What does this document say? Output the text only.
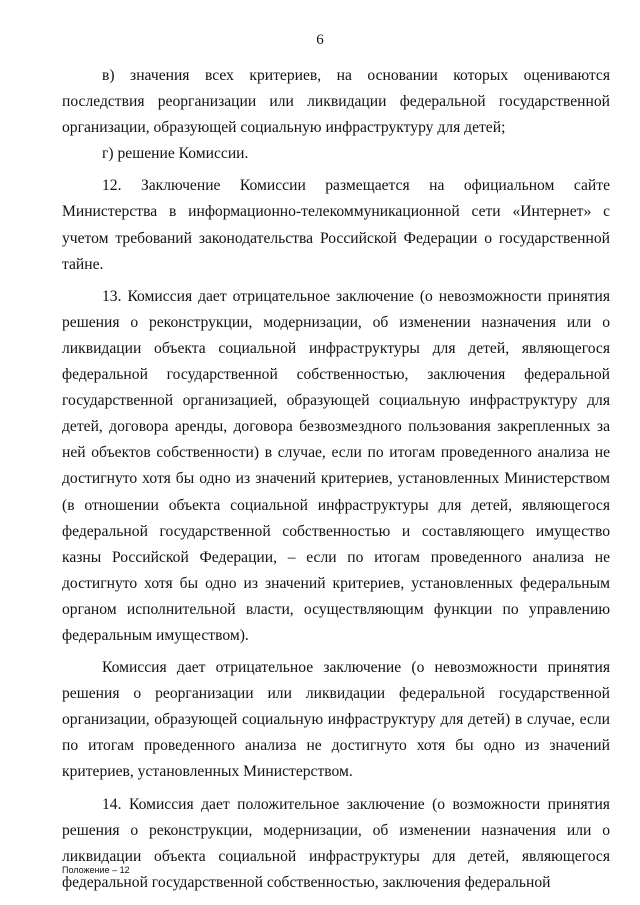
6

в) значения всех критериев, на основании которых оцениваются последствия реорганизации или ликвидации федеральной государственной организации, образующей социальную инфраструктуру для детей;

г) решение Комиссии.

12. Заключение Комиссии размещается на официальном сайте Министерства в информационно-телекоммуникационной сети «Интернет» с учетом требований законодательства Российской Федерации о государственной тайне.

13. Комиссия дает отрицательное заключение (о невозможности принятия решения о реконструкции, модернизации, об изменении назначения или о ликвидации объекта социальной инфраструктуры для детей, являющегося федеральной государственной собственностью, заключения федеральной государственной организацией, образующей социальную инфраструктуру для детей, договора аренды, договора безвозмездного пользования закрепленных за ней объектов собственности) в случае, если по итогам проведенного анализа не достигнуто хотя бы одно из значений критериев, установленных Министерством (в отношении объекта социальной инфраструктуры для детей, являющегося федеральной государственной собственностью и составляющего имущество казны Российской Федерации, – если по итогам проведенного анализа не достигнуто хотя бы одно из значений критериев, установленных федеральным органом исполнительной власти, осуществляющим функции по управлению федеральным имуществом).

Комиссия дает отрицательное заключение (о невозможности принятия решения о реорганизации или ликвидации федеральной государственной организации, образующей социальную инфраструктуру для детей) в случае, если по итогам проведенного анализа не достигнуто хотя бы одно из значений критериев, установленных Министерством.

14. Комиссия дает положительное заключение (о возможности принятия решения о реконструкции, модернизации, об изменении назначения или о ликвидации объекта социальной инфраструктуры для детей, являющегося федеральной государственной собственностью, заключения федеральной

Положение – 12
